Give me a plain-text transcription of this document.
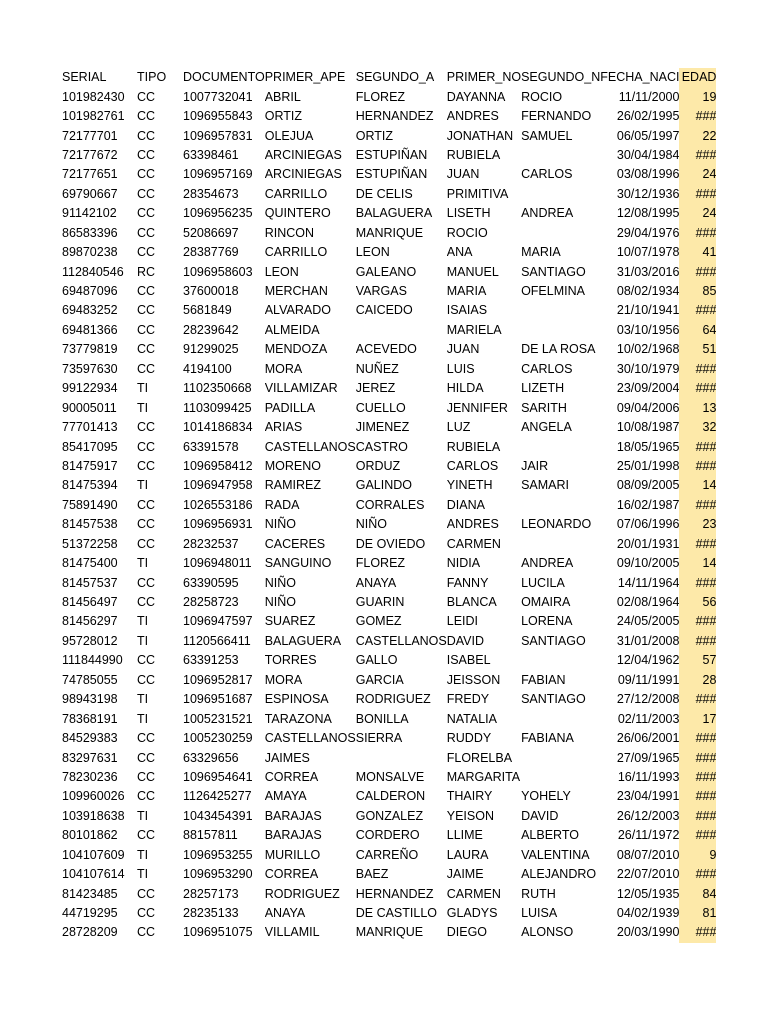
SERIAL	TIPO	DOCUMENTO	PRIMER_APE	SEGUNDO_A	PRIMER_NO	SEGUNDO_N	FECHA_NACI	EDAD
101982430	CC	1007732041	ABRIL	FLOREZ	DAYANNA	ROCIO	11/11/2000	19
101982761	CC	1096955843	ORTIZ	HERNANDEZ	ANDRES	FERNANDO	26/02/1995	###
72177701	CC	1096957831	OLEJUA	ORTIZ	JONATHAN	SAMUEL	06/05/1997	22
72177672	CC	63398461	ARCINIEGAS	ESTUPIÑAN	RUBIELA		30/04/1984	###
72177651	CC	1096957169	ARCINIEGAS	ESTUPIÑAN	JUAN	CARLOS	03/08/1996	24
69790667	CC	28354673	CARRILLO	DE CELIS	PRIMITIVA		30/12/1936	###
91142102	CC	1096956235	QUINTERO	BALAGUERA	LISETH	ANDREA	12/08/1995	24
86583396	CC	52086697	RINCON	MANRIQUE	ROCIO		29/04/1976	###
89870238	CC	28387769	CARRILLO	LEON	ANA	MARIA	10/07/1978	41
112840546	RC	1096958603	LEON	GALEANO	MANUEL	SANTIAGO	31/03/2016	###
69487096	CC	37600018	MERCHAN	VARGAS	MARIA	OFELMINA	08/02/1934	85
69483252	CC	5681849	ALVARADO	CAICEDO	ISAIAS		21/10/1941	###
69481366	CC	28239642	ALMEIDA		MARIELA		03/10/1956	64
73779819	CC	91299025	MENDOZA	ACEVEDO	JUAN	DE LA ROSA	10/02/1968	51
73597630	CC	4194100	MORA	NUÑEZ	LUIS	CARLOS	30/10/1979	###
99122934	TI	1102350668	VILLAMIZAR	JEREZ	HILDA	LIZETH	23/09/2004	###
90005011	TI	1103099425	PADILLA	CUELLO	JENNIFER	SARITH	09/04/2006	13
77701413	CC	1014186834	ARIAS	JIMENEZ	LUZ	ANGELA	10/08/1987	32
85417095	CC	63391578	CASTELLANOS	CASTRO	RUBIELA		18/05/1965	###
81475917	CC	1096958412	MORENO	ORDUZ	CARLOS	JAIR	25/01/1998	###
81475394	TI	1096947958	RAMIREZ	GALINDO	YINETH	SAMARI	08/09/2005	14
75891490	CC	1026553186	RADA	CORRALES	DIANA		16/02/1987	###
81457538	CC	1096956931	NIÑO	NIÑO	ANDRES	LEONARDO	07/06/1996	23
51372258	CC	28232537	CACERES	DE OVIEDO	CARMEN		20/01/1931	###
81475400	TI	1096948011	SANGUINO	FLOREZ	NIDIA	ANDREA	09/10/2005	14
81457537	CC	63390595	NIÑO	ANAYA	FANNY	LUCILA	14/11/1964	###
81456497	CC	28258723	NIÑO	GUARIN	BLANCA	OMAIRA	02/08/1964	56
81456297	TI	1096947597	SUAREZ	GOMEZ	LEIDI	LORENA	24/05/2005	###
95728012	TI	1120566411	BALAGUERA	CASTELLANOS	DAVID	SANTIAGO	31/01/2008	###
111844990	CC	63391253	TORRES	GALLO	ISABEL		12/04/1962	57
74785055	CC	1096952817	MORA	GARCIA	JEISSON	FABIAN	09/11/1991	28
98943198	TI	1096951687	ESPINOSA	RODRIGUEZ	FREDY	SANTIAGO	27/12/2008	###
78368191	TI	1005231521	TARAZONA	BONILLA	NATALIA		02/11/2003	17
84529383	CC	1005230259	CASTELLANOS	SIERRA	RUDDY	FABIANA	26/06/2001	###
83297631	CC	63329656	JAIMES		FLORELBA		27/09/1965	###
78230236	CC	1096954641	CORREA	MONSALVE	MARGARITA		16/11/1993	###
109960026	CC	1126425277	AMAYA	CALDERON	THAIRY	YOHELY	23/04/1991	###
103918638	TI	1043454391	BARAJAS	GONZALEZ	YEISON	DAVID	26/12/2003	###
80101862	CC	88157811	BARAJAS	CORDERO	LLIME	ALBERTO	26/11/1972	###
104107609	TI	1096953255	MURILLO	CARREÑO	LAURA	VALENTINA	08/07/2010	9
104107614	TI	1096953290	CORREA	BAEZ	JAIME	ALEJANDRO	22/07/2010	###
81423485	CC	28257173	RODRIGUEZ	HERNANDEZ	CARMEN	RUTH	12/05/1935	84
44719295	CC	28235133	ANAYA	DE CASTILLO	GLADYS	LUISA	04/02/1939	81
28728209	CC	1096951075	VILLAMIL	MANRIQUE	DIEGO	ALONSO	20/03/1990	###
